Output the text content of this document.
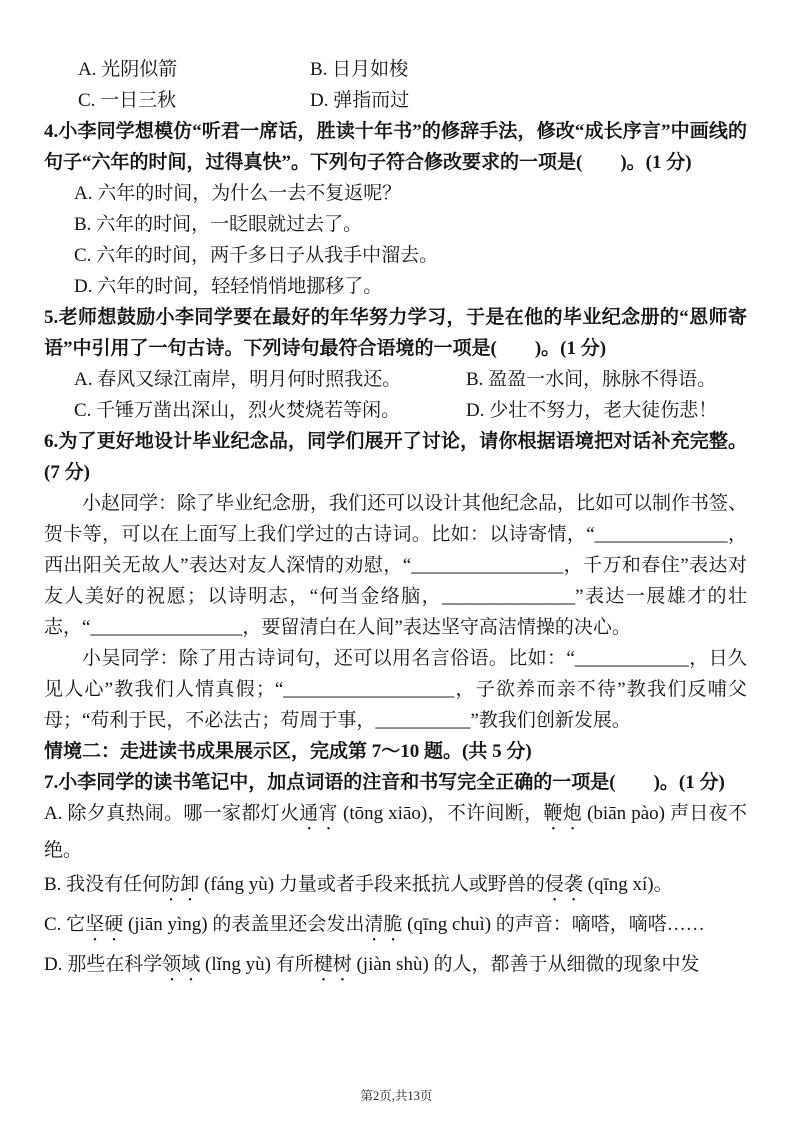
A. 光阴似箭	B. 日月如梭
C. 一日三秋	D. 弹指而过

4.小李同学想模仿“听君一席话，胜读十年书”的修辞手法，修改“成长序言”中画线的句子“六年的时间，过得真快”。下列句子符合修改要求的一项是(　　)。(1 分)

A. 六年的时间，为什么一去不复返呢？

B. 六年的时间，一眨眼就过去了。

C. 六年的时间，两千多日子从我手中溜去。

D. 六年的时间，轻轻悄悄地挪移了。

5.老师想鼓励小李同学要在最好的年华努力学习，于是在他的毕业纪念册的“恩师寄语”中引用了一句古诗。下列诗句最符合语境的一项是(　　)。(1 分)

A. 春风又绿江南岸，明月何时照我还。	B. 盈盈一水间，脉脉不得语。
C. 千锤万凿出深山，烈火焚烧若等闲。	D. 少壮不努力，老大徒伤悲！

6.为了更好地设计毕业纪念品，同学们展开了讨论，请你根据语境把对话补充完整。(7 分)

小赵同学：除了毕业纪念册，我们还可以设计其他纪念品，比如可以制作书签、贺卡等，可以在上面写上我们学过的古诗词。比如：以诗寄情，“______________，西出阳关无故人”表达对友人深情的劝慰，“________________，千万和春住”表达对友人美好的祝愿；以诗明志，“何当金络脑，______________”表达一展雄才的壮志，“________________，要留清白在人间”表达坚守高洁情操的决心。

小吴同学：除了用古诗词句，还可以用名言俗语。比如：“____________，日久见人心”教我们人情真假；“__________________，子欲养而亲不待”教我们反哺父母；“苟利于民，不必法古；苟周于事，__________”教我们创新发展。

情境二：走进读书成果展示区，完成第 7～10 题。(共 5 分)

7.小李同学的读书笔记中，加点词语的注音和书写完全正确的一项是(　　)。(1 分)

A. 除夕真热闹。哪一家都灯火通宵 (tōng xiāo)，不许间断，鞭炮 (biān pào) 声日夜不绝。

B. 我没有任何防卸 (fáng yù) 力量或者手段来抵抗人或野兽的侵袭 (qīng xí)。

C. 它坚硬 (jiān yìng) 的表盖里还会发出清脆 (qīng chuì) 的声音：嘀嗒，嘀嗒……

D. 那些在科学领域 (lǐng yù) 有所楗树 (jiàn shù) 的人，都善于从细微的现象中发

第2页,共13页
